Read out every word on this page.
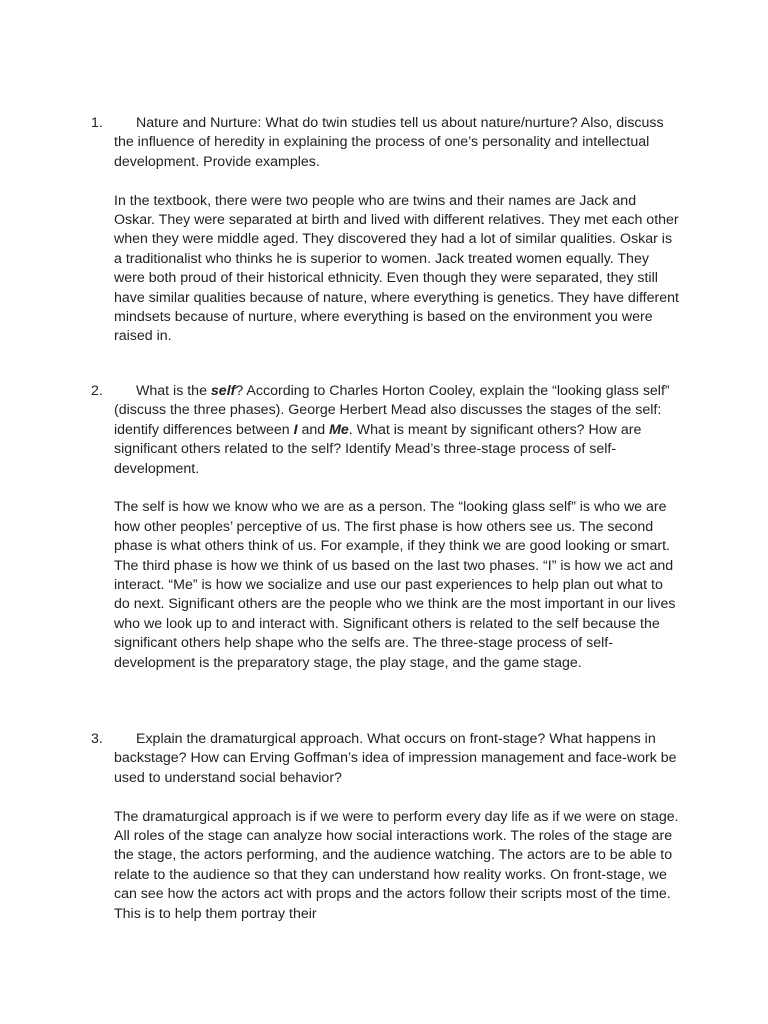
1.	Nature and Nurture: What do twin studies tell us about nature/nurture? Also, discuss the influence of heredity in explaining the process of one’s personality and intellectual development. Provide examples.

In the textbook, there were two people who are twins and their names are Jack and Oskar. They were separated at birth and lived with different relatives. They met each other when they were middle aged. They discovered they had a lot of similar qualities. Oskar is a traditionalist who thinks he is superior to women. Jack treated women equally. They were both proud of their historical ethnicity. Even though they were separated, they still have similar qualities because of nature, where everything is genetics. They have different mindsets because of nurture, where everything is based on the environment you were raised in.

2.	What is the self? According to Charles Horton Cooley, explain the “looking glass self” (discuss the three phases). George Herbert Mead also discusses the stages of the self: identify differences between I and Me. What is meant by significant others? How are significant others related to the self? Identify Mead’s three-stage process of self-development.

The self is how we know who we are as a person. The “looking glass self” is who we are how other peoples’ perceptive of us. The first phase is how others see us. The second phase is what others think of us. For example, if they think we are good looking or smart. The third phase is how we think of us based on the last two phases. “I” is how we act and interact. “Me” is how we socialize and use our past experiences to help plan out what to do next. Significant others are the people who we think are the most important in our lives who we look up to and interact with. Significant others is related to the self because the significant others help shape who the selfs are. The three-stage process of self-development is the preparatory stage, the play stage, and the game stage.

3.	Explain the dramaturgical approach. What occurs on front-stage? What happens in backstage? How can Erving Goffman’s idea of impression management and face-work be used to understand social behavior?

The dramaturgical approach is if we were to perform every day life as if we were on stage. All roles of the stage can analyze how social interactions work. The roles of the stage are the stage, the actors performing, and the audience watching. The actors are to be able to relate to the audience so that they can understand how reality works. On front-stage, we can see how the actors act with props and the actors follow their scripts most of the time. This is to help them portray their
